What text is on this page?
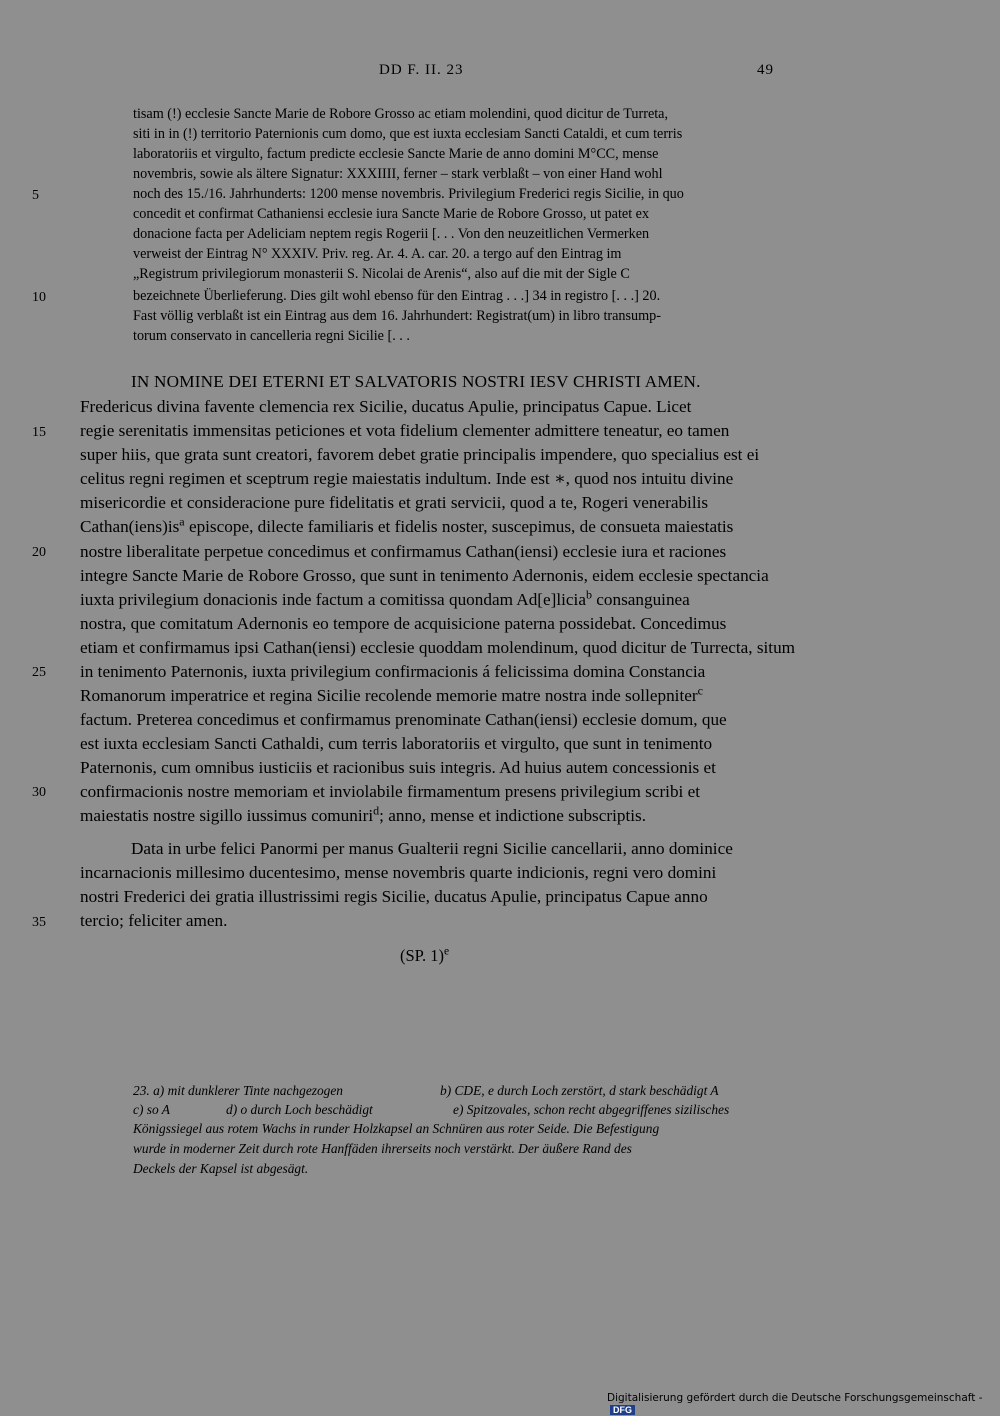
DD F. II. 23	49
5
10
15
20
25
30
35
tisam (!) ecclesie Sancte Marie de Robore Grosso ac etiam molendini, quod dicitur de Turreta,
siti in in (!) territorio Paternionis cum domo, que est iuxta ecclesiam Sancti Cataldi, et cum terris
laboratoriis et virgulto, factum predicte ecclesie Sancte Marie de anno domini M°CC, mense
novembris, sowie als ältere Signatur: XXXIIII, ferner – stark verblaßt – von einer Hand wohl
noch des 15./16. Jahrhunderts: 1200 mense novembris. Privilegium Frederici regis Sicilie, in quo
concedit et confirmat Cathaniensi ecclesie iura Sancte Marie de Robore Grosso, ut patet ex
donacione facta per Adeliciam neptem regis Rogerii [. . . Von den neuzeitlichen Vermerken
verweist der Eintrag N° XXXIV. Priv. reg. Ar. 4. A. car. 20. a tergo auf den Eintrag im
„Registrum privilegiorum monasterii S. Nicolai de Arenis“, also auf die mit der Sigle C
bezeichnete Überlieferung. Dies gilt wohl ebenso für den Eintrag . . .] 34 in registro [. . .] 20.
Fast völlig verblaßt ist ein Eintrag aus dem 16. Jahrhundert: Registrat(um) in libro transump-
torum conservato in cancelleria regni Sicilie [. . .
IN NOMINE DEI ETERNI ET SALVATORIS NOSTRI IESV CHRISTI AMEN.
Fredericus divina favente clemencia rex Sicilie, ducatus Apulie, principatus Capue. Licet
regie serenitatis immensitas peticiones et vota fidelium clementer admittere teneatur, eo tamen
super hiis, que grata sunt creatori, favorem debet gratie principalis impendere, quo specialius est ei
celitus regni regimen et sceptrum regie maiestatis indultum. Inde est ∗, quod nos intuitu divine
misericordie et consideracione pure fidelitatis et grati servicii, quod a te, Rogeri venerabilis
$Cathan(iens)is^a$ episcope, dilecte familiaris et fidelis noster, suscepimus, de consueta maiestatis
nostre liberalitate perpetue concedimus et confirmamus Cathan(iensi) ecclesie iura et raciones
integre Sancte Marie de Robore Grosso, que sunt in tenimento Adernonis, eidem ecclesie spectancia
iuxta privilegium donacionis inde factum a comitissa quondam Ad[e]licia$^b$ consanguinea
nostra, que comitatum Adernonis eo tempore de acquisicione paterna possidebat. Concedimus
etiam et confirmamus ipsi Cathan(iensi) ecclesie quoddam molendinum, quod dicitur de Turrecta, situm
in tenimento Paternonis, iuxta privilegium confirmacionis á felicissima domina Constancia
Romanorum imperatrice et regina Sicilie recolende memorie matre nostra inde sollepniter$^c$
factum. Preterea concedimus et confirmamus prenominate Cathan(iensi) ecclesie domum, que
est iuxta ecclesiam Sancti Cathaldi, cum terris laboratoriis et virgulto, que sunt in tenimento
Paternonis, cum omnibus iusticiis et racionibus suis integris. Ad huius autem concessionis et
confirmacionis nostre memoriam et inviolabile firmamentum presens privilegium scribi et
maiestatis nostre sigillo iussimus comuniri$^d$; anno, mense et indictione subscriptis.
Data in urbe felici Panormi per manus Gualterii regni Sicilie cancellarii, anno dominice
incarnacionis millesimo ducentesimo, mense novembris quarte indicionis, regni vero domini
nostri Frederici dei gratia illustrissimi regis Sicilie, ducatus Apulie, principatus Capue anno
tercio; feliciter amen.
(SP. 1)$^e$
23. a) mit dunklerer Tinte nachgezogen	b) CDE, e durch Loch zerstört, d stark beschädigt A
c) so A	d) o durch Loch beschädigt	e) Spitzovales, schon recht abgegriffenes sizilisches
Königssiegel aus rotem Wachs in runder Holzkapsel an Schnüren aus roter Seide. Die Befestigung
wurde in moderner Zeit durch rote Hanffäden ihrerseits noch verstärkt. Der äußere Rand des
Deckels der Kapsel ist abgesägt.
Digitalisierung gefördert durch die Deutsche Forschungsgemeinschaft -DFG
